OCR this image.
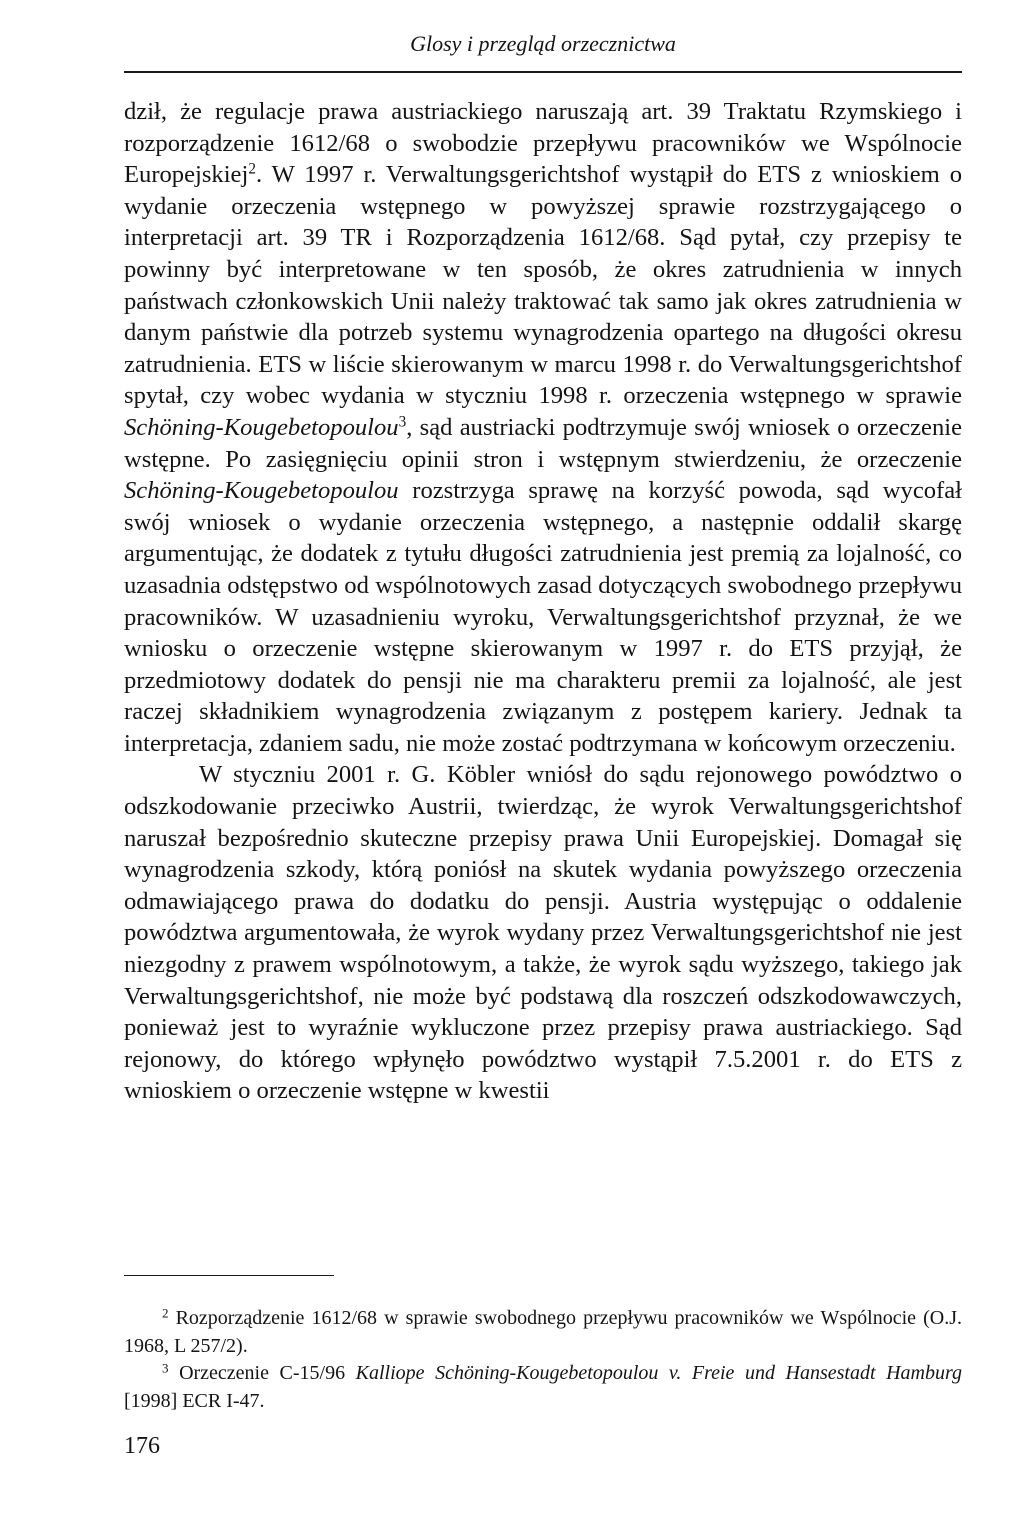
Glosy i przegląd orzecznictwa

dził, że regulacje prawa austriackiego naruszają art. 39 Traktatu Rzymskiego i rozporządzenie 1612/68 o swobodzie przepływu pracowników we Wspólnocie Europejskiej$^2$. W 1997 r. Verwaltungsgerichtshof wystąpił do ETS z wnioskiem o wydanie orzeczenia wstępnego w powyższej sprawie rozstrzygającego o interpretacji art. 39 TR i Rozporządzenia 1612/68. Sąd pytał, czy przepisy te powinny być interpretowane w ten sposób, że okres zatrudnienia w innych państwach członkowskich Unii należy traktować tak samo jak okres zatrudnienia w danym państwie dla potrzeb systemu wynagrodzenia opartego na długości okresu zatrudnienia. ETS w liście skierowanym w marcu 1998 r. do Verwaltungsgerichtshof spytał, czy wobec wydania w styczniu 1998 r. orzeczenia wstępnego w sprawie Schöning-Kougebetopoulou$^3$, sąd austriacki podtrzymuje swój wniosek o orzeczenie wstępne. Po zasięgnięciu opinii stron i wstępnym stwierdzeniu, że orzeczenie Schöning-Kougebetopoulou rozstrzyga sprawę na korzyść powoda, sąd wycofał swój wniosek o wydanie orzeczenia wstępnego, a następnie oddalił skargę argumentując, że dodatek z tytułu długości zatrudnienia jest premią za lojalność, co uzasadnia odstępstwo od wspólnotowych zasad dotyczących swobodnego przepływu pracowników. W uzasadnieniu wyroku, Verwaltungsgerichtshof przyznał, że we wniosku o orzeczenie wstępne skierowanym w 1997 r. do ETS przyjął, że przedmiotowy dodatek do pensji nie ma charakteru premii za lojalność, ale jest raczej składnikiem wynagrodzenia związanym z postępem kariery. Jednak ta interpretacja, zdaniem sadu, nie może zostać podtrzymana w końcowym orzeczeniu.

W styczniu 2001 r. G. Köbler wniósł do sądu rejonowego powództwo o odszkodowanie przeciwko Austrii, twierdząc, że wyrok Verwaltungsgerichtshof naruszał bezpośrednio skuteczne przepisy prawa Unii Europejskiej. Domagał się wynagrodzenia szkody, którą poniósł na skutek wydania powyższego orzeczenia odmawiającego prawa do dodatku do pensji. Austria występując o oddalenie powództwa argumentowała, że wyrok wydany przez Verwaltungsgerichtshof nie jest niezgodny z prawem wspólnotowym, a także, że wyrok sądu wyższego, takiego jak Verwaltungsgerichtshof, nie może być podstawą dla roszczeń odszkodowawczych, ponieważ jest to wyraźnie wykluczone przez przepisy prawa austriackiego. Sąd rejonowy, do którego wpłynęło powództwo wystąpił 7.5.2001 r. do ETS z wnioskiem o orzeczenie wstępne w kwestii

$^2$ Rozporządzenie 1612/68 w sprawie swobodnego przepływu pracowników we Wspólnocie (O.J. 1968, L 257/2).

$^3$ Orzeczenie C-15/96 Kalliope Schöning-Kougebetopoulou v. Freie und Hansestadt Hamburg [1998] ECR I-47.

176
